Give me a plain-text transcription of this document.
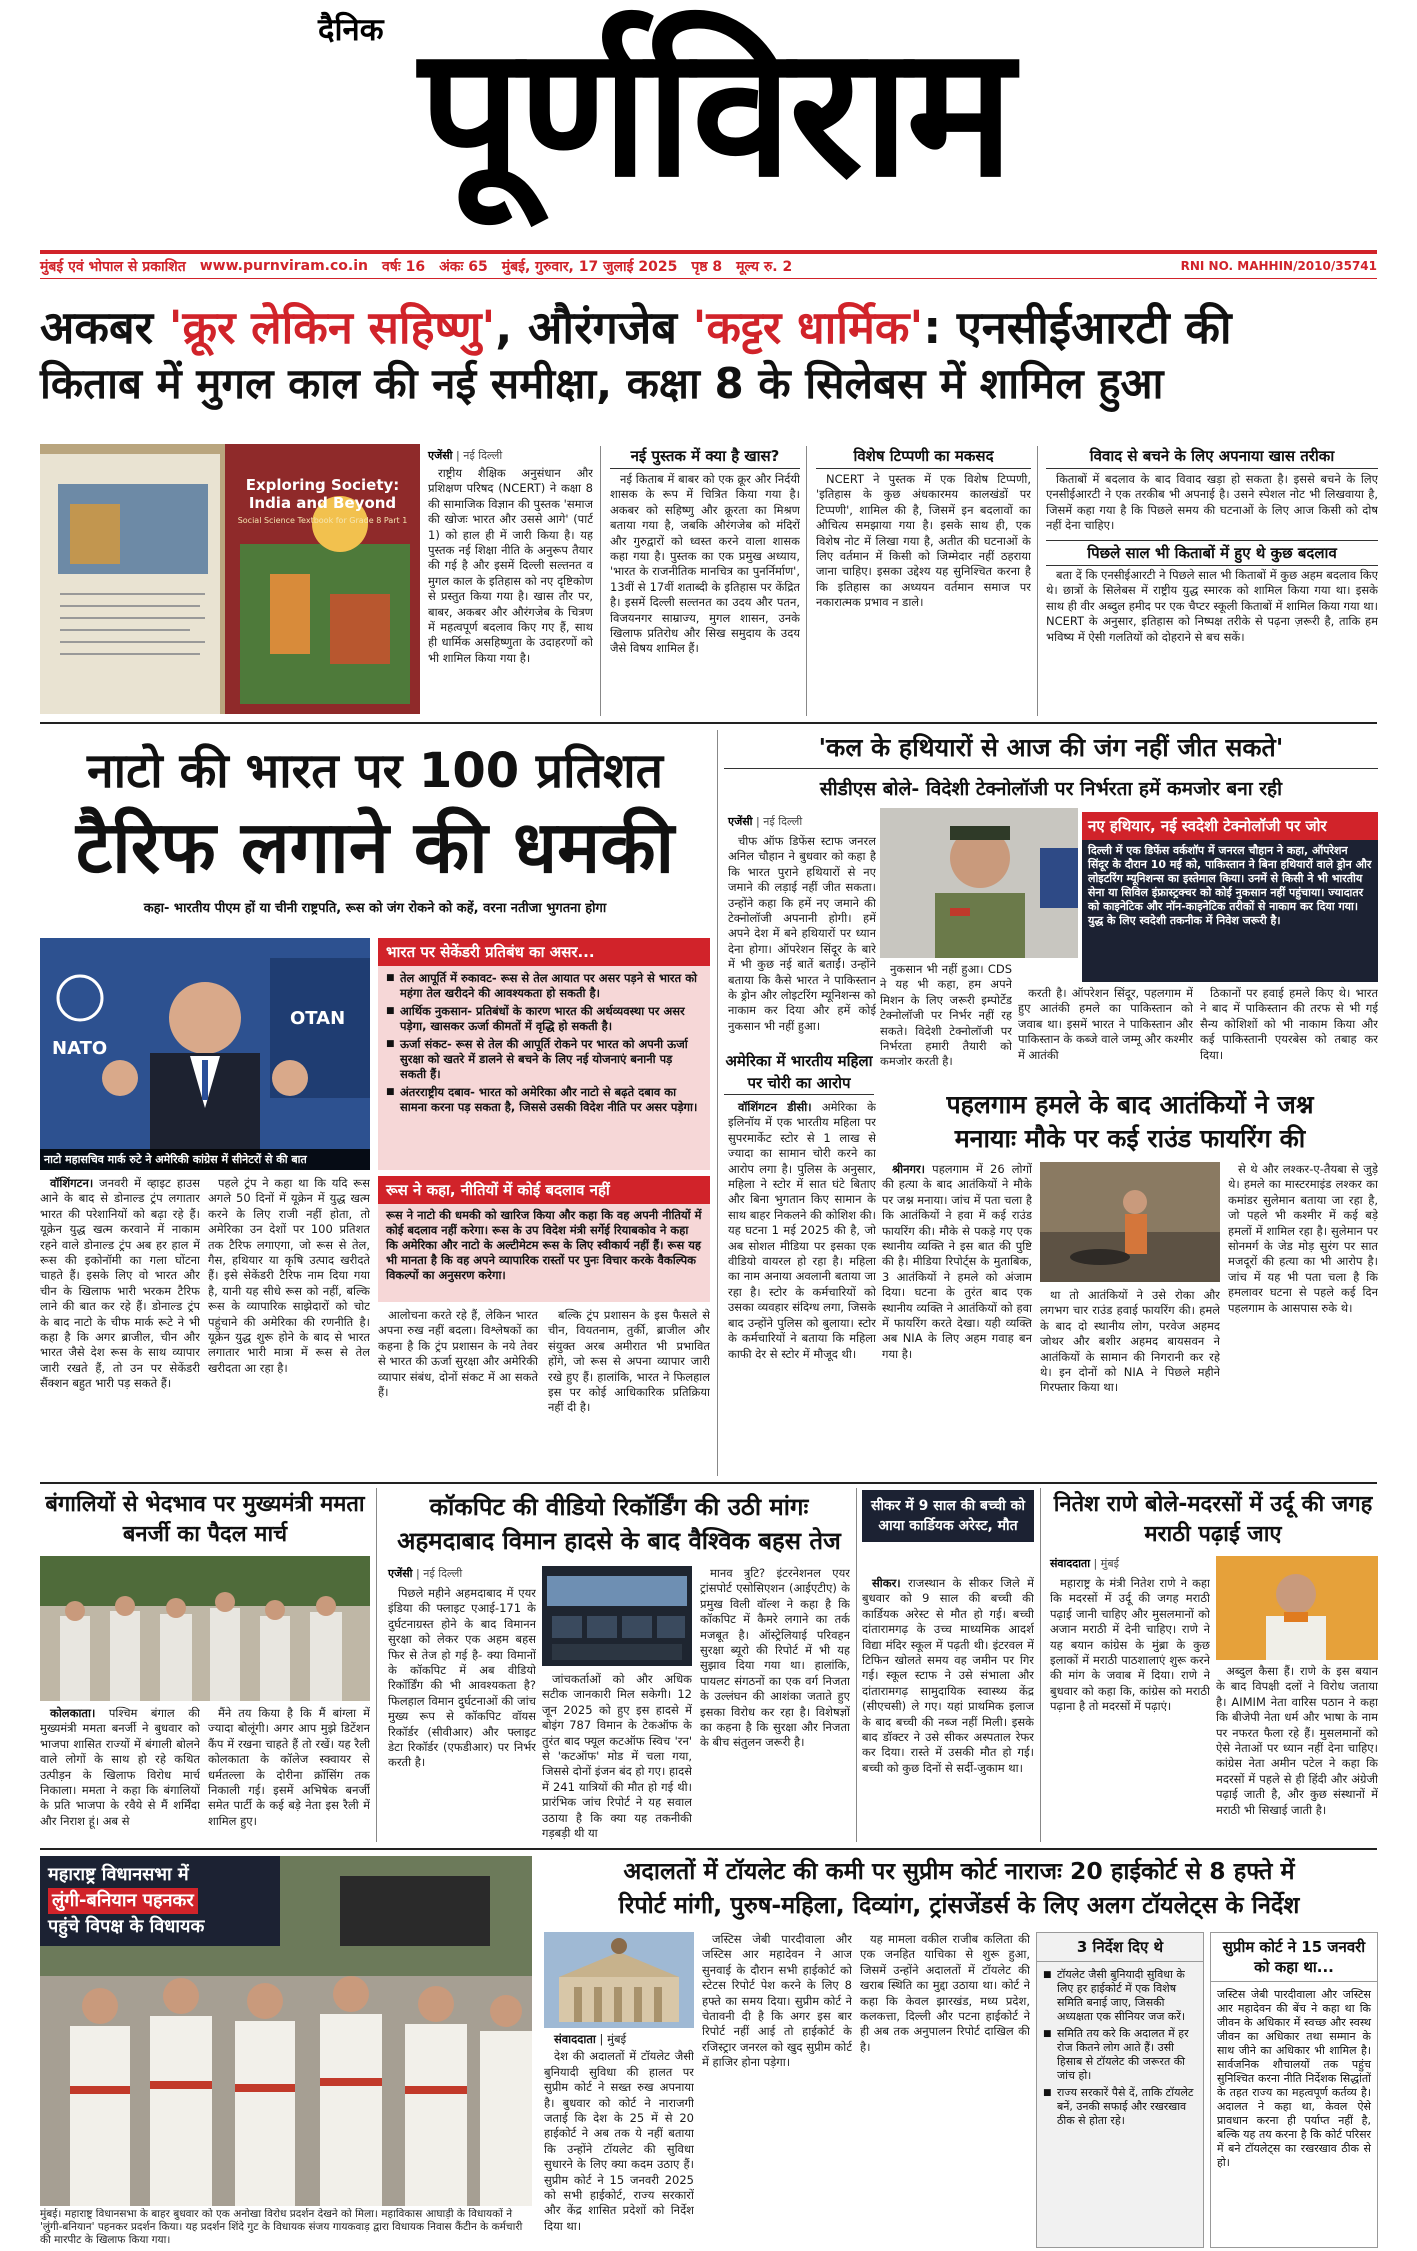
दैनिक पूर्णविराम
मुंबई एवं भोपाल से प्रकाशित www.purnviram.co.in वर्षः 16 अंकः 65 मुंबई, गुरुवार, 17 जुलाई 2025 पृष्ठ 8 मूल्य रु. 2	RNI NO. MAHHIN/2010/35741
अकबर 'क्रूर लेकिन सहिष्णु', औरंगजेब 'कट्टर धार्मिक': एनसीईआरटी की
किताब में मुगल काल की नई समीक्षा, कक्षा 8 के सिलेबस में शामिल हुआ
Exploring Society: India and Beyond
Social Science Textbook for Grade 8 Part 1
एजेंसी | नई दिल्ली

राष्ट्रीय शैक्षिक अनुसंधान और प्रशिक्षण परिषद (NCERT) ने कक्षा 8 की सामाजिक विज्ञान की पुस्तक 'समाज की खोजः भारत और उससे आगे' (पार्ट 1) को हाल ही में जारी किया है। यह पुस्तक नई शिक्षा नीति के अनुरूप तैयार की गई है और इसमें दिल्ली सल्तनत व मुगल काल के इतिहास को नए दृष्टिकोण से प्रस्तुत किया गया है। खास तौर पर, बाबर, अकबर और औरंगजेब के चित्रण में महत्वपूर्ण बदलाव किए गए हैं, साथ ही धार्मिक असहिष्णुता के उदाहरणों को भी शामिल किया गया है।

नई पुस्तक में क्या है खास?

नई किताब में बाबर को एक क्रूर और निर्दयी शासक के रूप में चित्रित किया गया है। अकबर को सहिष्णु और क्रूरता का मिश्रण बताया गया है, जबकि औरंगजेब को मंदिरों और गुरुद्वारों को ध्वस्त करने वाला शासक कहा गया है। पुस्तक का एक प्रमुख अध्याय, 'भारत के राजनीतिक मानचित्र का पुनर्निर्माण', 13वीं से 17वीं शताब्दी के इतिहास पर केंद्रित है। इसमें दिल्ली सल्तनत का उदय और पतन, विजयनगर साम्राज्य, मुगल शासन, उनके खिलाफ प्रतिरोध और सिख समुदाय के उदय जैसे विषय शामिल हैं।

विशेष टिप्पणी का मकसद

NCERT ने पुस्तक में एक विशेष टिप्पणी, 'इतिहास के कुछ अंधकारमय कालखंडों पर टिप्पणी', शामिल की है, जिसमें इन बदलावों का औचित्य समझाया गया है। इसके साथ ही, एक विशेष नोट में लिखा गया है, अतीत की घटनाओं के लिए वर्तमान में किसी को जिम्मेदार नहीं ठहराया जाना चाहिए। इसका उद्देश्य यह सुनिश्चित करना है कि इतिहास का अध्ययन वर्तमान समाज पर नकारात्मक प्रभाव न डाले।

विवाद से बचने के लिए अपनाया खास तरीका

किताबों में बदलाव के बाद विवाद खड़ा हो सकता है। इससे बचने के लिए एनसीईआरटी ने एक तरकीब भी अपनाई है। उसने स्पेशल नोट भी लिखवाया है, जिसमें कहा गया है कि पिछले समय की घटनाओं के लिए आज किसी को दोष नहीं देना चाहिए।

पिछले साल भी किताबों में हुए थे कुछ बदलाव

बता दें कि एनसीईआरटी ने पिछले साल भी किताबों में कुछ अहम बदलाव किए थे। छात्रों के सिलेबस में राष्ट्रीय युद्ध स्मारक को शामिल किया गया था। इसके साथ ही वीर अब्दुल हमीद पर एक चैप्टर स्कूली किताबों में शामिल किया गया था। NCERT के अनुसार, इतिहास को निष्पक्ष तरीके से पढ़ना ज़रूरी है, ताकि हम भविष्य में ऐसी गलतियों को दोहराने से बच सकें।

नाटो की भारत पर 100 प्रतिशत
टैरिफ लगाने की धमकी
कहा- भारतीय पीएम हों या चीनी राष्ट्रपति, रूस को जंग रोकने को कहें, वरना नतीजा भुगतना होगा
NATO
OTAN
नाटो महासचिव मार्क रुटे ने अमेरिकी कांग्रेस में सीनेटरों से की बात
भारत पर सेकेंडरी प्रतिबंध का असर...
■ तेल आपूर्ति में रुकावट- रूस से तेल आयात पर असर पड़ने से भारत को महंगा तेल खरीदने की आवश्यकता हो सकती है।
■ आर्थिक नुकसान- प्रतिबंधों के कारण भारत की अर्थव्यवस्था पर असर पड़ेगा, खासकर ऊर्जा कीमतों में वृद्धि हो सकती है।
■ ऊर्जा संकट- रूस से तेल की आपूर्ति रोकने पर भारत को अपनी ऊर्जा सुरक्षा को खतरे में डालने से बचने के लिए नई योजनाएं बनानी पड़ सकती हैं।
■ अंतरराष्ट्रीय दबाव- भारत को अमेरिका और नाटो से बढ़ते दबाव का सामना करना पड़ सकता है, जिससे उसकी विदेश नीति पर असर पड़ेगा।

वॉशिंगटन। जनवरी में व्हाइट हाउस आने के बाद से डोनाल्ड ट्रंप लगातार भारत की परेशानियों को बढ़ा रहे हैं। यूक्रेन युद्ध खत्म करवाने में नाकाम रहने वाले डोनाल्ड ट्रंप अब हर हाल में रूस की इकोनॉमी का गला घोंटना चाहते हैं। इसके लिए वो भारत और चीन के खिलाफ भारी भरकम टैरिफ लाने की बात कर रहे हैं। डोनाल्ड ट्रंप के बाद नाटो के चीफ मार्क रूटे ने भी कहा है कि अगर ब्राजील, चीन और भारत जैसे देश रूस के साथ व्यापार जारी रखते हैं, तो उन पर सेकेंडरी सैंक्शन बहुत भारी पड़ सकते हैं।

पहले ट्रंप ने कहा था कि यदि रूस अगले 50 दिनों में यूक्रेन में युद्ध खत्म करने के लिए राजी नहीं होता, तो अमेरिका उन देशों पर 100 प्रतिशत तक टैरिफ लगाएगा, जो रूस से तेल, गैस, हथियार या कृषि उत्पाद खरीदते हैं। इसे सेकेंडरी टैरिफ नाम दिया गया है, यानी यह सीधे रूस को नहीं, बल्कि रूस के व्यापारिक साझेदारों को चोट पहुंचाने की अमेरिका की रणनीति है। यूक्रेन युद्ध शुरू होने के बाद से भारत लगातार भारी मात्रा में रूस से तेल खरीदता आ रहा है।

रूस ने कहा, नीतियों में कोई बदलाव नहीं
रूस ने नाटो की धमकी को खारिज किया और कहा कि वह अपनी नीतियों में कोई बदलाव नहीं करेगा। रूस के उप विदेश मंत्री सर्गेई रियाबकोव ने कहा कि अमेरिका और नाटो के अल्टीमेटम रूस के लिए स्वीकार्य नहीं हैं। रूस यह भी मानता है कि वह अपने व्यापारिक रास्तों पर पुनः विचार करके वैकल्पिक विकल्पों का अनुसरण करेगा।

आलोचना करते रहे हैं, लेकिन भारत अपना रुख नहीं बदला। विश्लेषकों का कहना है कि ट्रंप प्रशासन के नये तेवर से भारत की ऊर्जा सुरक्षा और अमेरिकी व्यापार संबंध, दोनों संकट में आ सकते हैं।

बल्कि ट्रंप प्रशासन के इस फैसले से चीन, वियतनाम, तुर्की, ब्राजील और संयुक्त अरब अमीरात भी प्रभावित होंगे, जो रूस से अपना व्यापार जारी रखे हुए हैं। हालांकि, भारत ने फिलहाल इस पर कोई आधिकारिक प्रतिक्रिया नहीं दी है।

'कल के हथियारों से आज की जंग नहीं जीत सकते'
सीडीएस बोले- विदेशी टेक्नोलॉजी पर निर्भरता हमें कमजोर बना रही
एजेंसी | नई दिल्ली

चीफ ऑफ डिफेंस स्टाफ जनरल अनिल चौहान ने बुधवार को कहा है कि भारत पुराने हथियारों से नए जमाने की लड़ाई नहीं जीत सकता। उन्होंने कहा कि हमें नए जमाने की टेक्नोलॉजी अपनानी होगी। हमें अपने देश में बने हथियारों पर ध्यान देना होगा। ऑपरेशन सिंदूर के बारे में भी कुछ नई बातें बताईं। उन्होंने बताया कि कैसे भारत ने पाकिस्तान के ड्रोन और लोइटरिंग म्यूनिशन्स को नाकाम कर दिया और हमें कोई नुकसान भी नहीं हुआ।

नए हथियार, नई स्वदेशी टेक्नोलॉजी पर जोर
दिल्ली में एक डिफेंस वर्कशॉप में जनरल चौहान ने कहा, ऑपरेशन सिंदूर के दौरान 10 मई को, पाकिस्तान ने बिना हथियारों वाले ड्रोन और लोइटरिंग म्यूनिशन्स का इस्तेमाल किया। उनमें से किसी ने भी भारतीय सेना या सिविल इंफ्रास्ट्रक्चर को कोई नुकसान नहीं पहुंचाया। ज्यादातर को काइनेटिक और नॉन-काइनेटिक तरीकों से नाकाम कर दिया गया। युद्ध के लिए स्वदेशी तकनीक में निवेश जरूरी है।

नुकसान भी नहीं हुआ। CDS ने यह भी कहा, हम अपने मिशन के लिए जरूरी इम्पोर्टेड टेक्नोलॉजी पर निर्भर नहीं रह सकते। विदेशी टेक्नोलॉजी पर निर्भरता हमारी तैयारी को कमजोर करती है।

करती है। ऑपरेशन सिंदूर, पहलगाम में हुए आतंकी हमले का पाकिस्तान को जवाब था। इसमें भारत ने पाकिस्तान और पाकिस्तान के कब्जे वाले जम्मू और कश्मीर में आतंकी

ठिकानों पर हवाई हमले किए थे। भारत ने बाद में पाकिस्तान की तरफ से भी गई सैन्य कोशिशों को भी नाकाम किया और कई पाकिस्तानी एयरबेस को तबाह कर दिया।

अमेरिका में भारतीय महिला पर चोरी का आरोप

वॉशिंगटन डीसी। अमेरिका के इलिनॉय में एक भारतीय महिला पर सुपरमार्केट स्टोर से 1 लाख से ज्यादा का सामान चोरी करने का आरोप लगा है। पुलिस के अनुसार, महिला ने स्टोर में सात घंटे बिताए और बिना भुगतान किए सामान के साथ बाहर निकलने की कोशिश की। यह घटना 1 मई 2025 की है, जो अब सोशल मीडिया पर इसका एक वीडियो वायरल हो रहा है। महिला का नाम अनाया अवलानी बताया जा रहा है। स्टोर के कर्मचारियों को उसका व्यवहार संदिग्ध लगा, जिसके बाद उन्होंने पुलिस को बुलाया। स्टोर के कर्मचारियों ने बताया कि महिला काफी देर से स्टोर में मौजूद थी।

पहलगाम हमले के बाद आतंकियों ने जश्न
मनायाः मौके पर कई राउंड फायरिंग की

श्रीनगर। पहलगाम में 26 लोगों की हत्या के बाद आतंकियों ने मौके पर जश्न मनाया। जांच में पता चला है कि आतंकियों ने हवा में कई राउंड फायरिंग की। मौके से पकड़े गए एक स्थानीय व्यक्ति ने इस बात की पुष्टि की है। मीडिया रिपोर्ट्स के मुताबिक, 3 आतंकियों ने हमले को अंजाम दिया। घटना के तुरंत बाद एक स्थानीय व्यक्ति ने आतंकियों को हवा में फायरिंग करते देखा। यही व्यक्ति अब NIA के लिए अहम गवाह बन गया है।

था तो आतंकियों ने उसे रोका और लगभग चार राउंड हवाई फायरिंग की। हमले के बाद दो स्थानीय लोग, परवेज अहमद जोथर और बशीर अहमद बायसवन ने आतंकियों के सामान की निगरानी कर रहे थे। इन दोनों को NIA ने पिछले महीने गिरफ्तार किया था।

से थे और लश्कर-ए-तैयबा से जुड़े थे। हमले का मास्टरमाइंड लश्कर का कमांडर सुलेमान बताया जा रहा है, जो पहले भी कश्मीर में कई बड़े हमलों में शामिल रहा है। सुलेमान पर सोनमर्ग के जेड मोड़ सुरंग पर सात मजदूरों की हत्या का भी आरोप है। जांच में यह भी पता चला है कि हमलावर घटना से पहले कई दिन पहलगाम के आसपास रुके थे।

बंगालियों से भेदभाव पर मुख्यमंत्री ममता बनर्जी का पैदल मार्च

कोलकाता। पश्चिम बंगाल की मुख्यमंत्री ममता बनर्जी ने बुधवार को भाजपा शासित राज्यों में बंगाली बोलने वाले लोगों के साथ हो रहे कथित उत्पीड़न के खिलाफ विरोध मार्च निकाला। ममता ने कहा कि बंगालियों के प्रति भाजपा के रवैये से मैं शर्मिंदा और निराश हूं। अब से

मैंने तय किया है कि मैं बांग्ला में ज्यादा बोलूंगी। अगर आप मुझे डिटेंशन कैंप में रखना चाहते हैं तो रखें। यह रैली कोलकाता के कॉलेज स्क्वायर से धर्मतल्ला के दोरीना क्रॉसिंग तक निकाली गई। इसमें अभिषेक बनर्जी समेत पार्टी के कई बड़े नेता इस रैली में शामिल हुए।

कॉकपिट की वीडियो रिकॉर्डिंग की उठी मांगः
अहमदाबाद विमान हादसे के बाद वैश्विक बहस तेज
एजेंसी | नई दिल्ली

पिछले महीने अहमदाबाद में एयर इंडिया की फ्लाइट एआई-171 के दुर्घटनाग्रस्त होने के बाद विमानन सुरक्षा को लेकर एक अहम बहस फिर से तेज हो गई है- क्या विमानों के कॉकपिट में अब वीडियो रिकॉर्डिंग की भी आवश्यकता है? फिलहाल विमान दुर्घटनाओं की जांच मुख्य रूप से कॉकपिट वॉयस रिकॉर्डर (सीवीआर) और फ्लाइट डेटा रिकॉर्डर (एफडीआर) पर निर्भर करती है।

जांचकर्ताओं को और अधिक सटीक जानकारी मिल सकेगी। 12 जून 2025 को हुए इस हादसे में बोइंग 787 विमान के टेकऑफ के तुरंत बाद फ्यूल कटऑफ स्विच 'रन' से 'कटऑफ' मोड में चला गया, जिससे दोनों इंजन बंद हो गए। हादसे में 241 यात्रियों की मौत हो गई थी। प्रारंभिक जांच रिपोर्ट ने यह सवाल उठाया है कि क्या यह तकनीकी गड़बड़ी थी या

मानव त्रुटि? इंटरनेशनल एयर ट्रांसपोर्ट एसोसिएशन (आईएटीए) के प्रमुख विली वॉल्श ने कहा है कि कॉकपिट में कैमरे लगाने का तर्क मजबूत है। ऑस्ट्रेलियाई परिवहन सुरक्षा ब्यूरो की रिपोर्ट में भी यह सुझाव दिया गया था। हालांकि, पायलट संगठनों का एक वर्ग निजता के उल्लंघन की आशंका जताते हुए इसका विरोध कर रहा है। विशेषज्ञों का कहना है कि सुरक्षा और निजता के बीच संतुलन जरूरी है।

सीकर में 9 साल की बच्ची को आया कार्डियक अरेस्ट, मौत

सीकर। राजस्थान के सीकर जिले में बुधवार को 9 साल की बच्ची की कार्डियक अरेस्ट से मौत हो गई। बच्ची दांतारामगढ़ के उच्च माध्यमिक आदर्श विद्या मंदिर स्कूल में पढ़ती थी। इंटरवल में टिफिन खोलते समय वह जमीन पर गिर गई। स्कूल स्टाफ ने उसे संभाला और दांतारामगढ़ सामुदायिक स्वास्थ्य केंद्र (सीएचसी) ले गए। यहां प्राथमिक इलाज के बाद बच्ची की नब्ज नहीं मिली। इसके बाद डॉक्टर ने उसे सीकर अस्पताल रेफर कर दिया। रास्ते में उसकी मौत हो गई। बच्ची को कुछ दिनों से सर्दी-जुकाम था।

नितेश राणे बोले-मदरसों में उर्दू की जगह मराठी पढ़ाई जाए
संवाददाता | मुंबई

महाराष्ट्र के मंत्री नितेश राणे ने कहा कि मदरसों में उर्दू की जगह मराठी पढ़ाई जानी चाहिए और मुसलमानों को अजान मराठी में देनी चाहिए। राणे ने यह बयान कांग्रेस के मुंब्रा के कुछ इलाकों में मराठी पाठशालाएं शुरू करने की मांग के जवाब में दिया। राणे ने बुधवार को कहा कि, कांग्रेस को मराठी पढ़ाना है तो मदरसों में पढ़ाएं।

अब्दुल कैसा हैं। राणे के इस बयान के बाद विपक्षी दलों ने विरोध जताया है। AIMIM नेता वारिस पठान ने कहा कि बीजेपी नेता धर्म और भाषा के नाम पर नफरत फैला रहे हैं। मुसलमानों को ऐसे नेताओं पर ध्यान नहीं देना चाहिए। कांग्रेस नेता अमीन पटेल ने कहा कि मदरसों में पहले से ही हिंदी और अंग्रेजी पढ़ाई जाती है, और कुछ संस्थानों में मराठी भी सिखाई जाती है।

महाराष्ट्र विधानसभा में
लुंगी-बनियान पहनकर
पहुंचे विपक्ष के विधायक
मुंबई। महाराष्ट्र विधानसभा के बाहर बुधवार को एक अनोखा विरोध प्रदर्शन देखने को मिला। महाविकास आघाड़ी के विधायकों ने 'लुंगी-बनियान' पहनकर प्रदर्शन किया। यह प्रदर्शन शिंदे गुट के विधायक संजय गायकवाड़ द्वारा विधायक निवास कैंटीन के कर्मचारी की मारपीट के खिलाफ किया गया।
अदालतों में टॉयलेट की कमी पर सुप्रीम कोर्ट नाराजः 20 हाईकोर्ट से 8 हफ्ते में
रिपोर्ट मांगी, पुरुष-महिला, दिव्यांग, ट्रांसजेंडर्स के लिए अलग टॉयलेट्स के निर्देश

संवाददाता | मुंबई

देश की अदालतों में टॉयलेट जैसी बुनियादी सुविधा की हालत पर सुप्रीम कोर्ट ने सख्त रुख अपनाया है। बुधवार को कोर्ट ने नाराजगी जताई कि देश के 25 में से 20 हाईकोर्ट ने अब तक ये नहीं बताया कि उन्होंने टॉयलेट की सुविधा सुधारने के लिए क्या कदम उठाए हैं। सुप्रीम कोर्ट ने 15 जनवरी 2025 को सभी हाईकोर्ट, राज्य सरकारों और केंद्र शासित प्रदेशों को निर्देश दिया था।

जस्टिस जेबी पारदीवाला और जस्टिस आर महादेवन ने आज सुनवाई के दौरान सभी हाईकोर्ट को स्टेटस रिपोर्ट पेश करने के लिए 8 हफ्ते का समय दिया। सुप्रीम कोर्ट ने चेतावनी दी है कि अगर इस बार रिपोर्ट नहीं आई तो हाईकोर्ट के रजिस्ट्रार जनरल को खुद सुप्रीम कोर्ट में हाजिर होना पड़ेगा।

यह मामला वकील राजीब कलिता की एक जनहित याचिका से शुरू हुआ, जिसमें उन्होंने अदालतों में टॉयलेट की खराब स्थिति का मुद्दा उठाया था। कोर्ट ने कहा कि केवल झारखंड, मध्य प्रदेश, कलकत्ता, दिल्ली और पटना हाईकोर्ट ने ही अब तक अनुपालन रिपोर्ट दाखिल की है।

3 निर्देश दिए थे
■ टॉयलेट जैसी बुनियादी सुविधा के लिए हर हाईकोर्ट में एक विशेष समिति बनाई जाए, जिसकी अध्यक्षता एक सीनियर जज करें।
■ समिति तय करे कि अदालत में हर रोज कितने लोग आते हैं। उसी हिसाब से टॉयलेट की जरूरत की जांच हो।
■ राज्य सरकारें पैसे दें, ताकि टॉयलेट बनें, उनकी सफाई और रखरखाव ठीक से होता रहे।
सुप्रीम कोर्ट ने 15 जनवरी को कहा था...
जस्टिस जेबी पारदीवाला और जस्टिस आर महादेवन की बेंच ने कहा था कि जीवन के अधिकार में स्वच्छ और स्वस्थ जीवन का अधिकार तथा सम्मान के साथ जीने का अधिकार भी शामिल है। सार्वजनिक शौचालयों तक पहुंच सुनिश्चित करना नीति निर्देशक सिद्धांतों के तहत राज्य का महत्वपूर्ण कर्तव्य है। अदालत ने कहा था, केवल ऐसे प्रावधान करना ही पर्याप्त नहीं है, बल्कि यह तय करना है कि कोर्ट परिसर में बने टॉयलेट्स का रखरखाव ठीक से हो।
